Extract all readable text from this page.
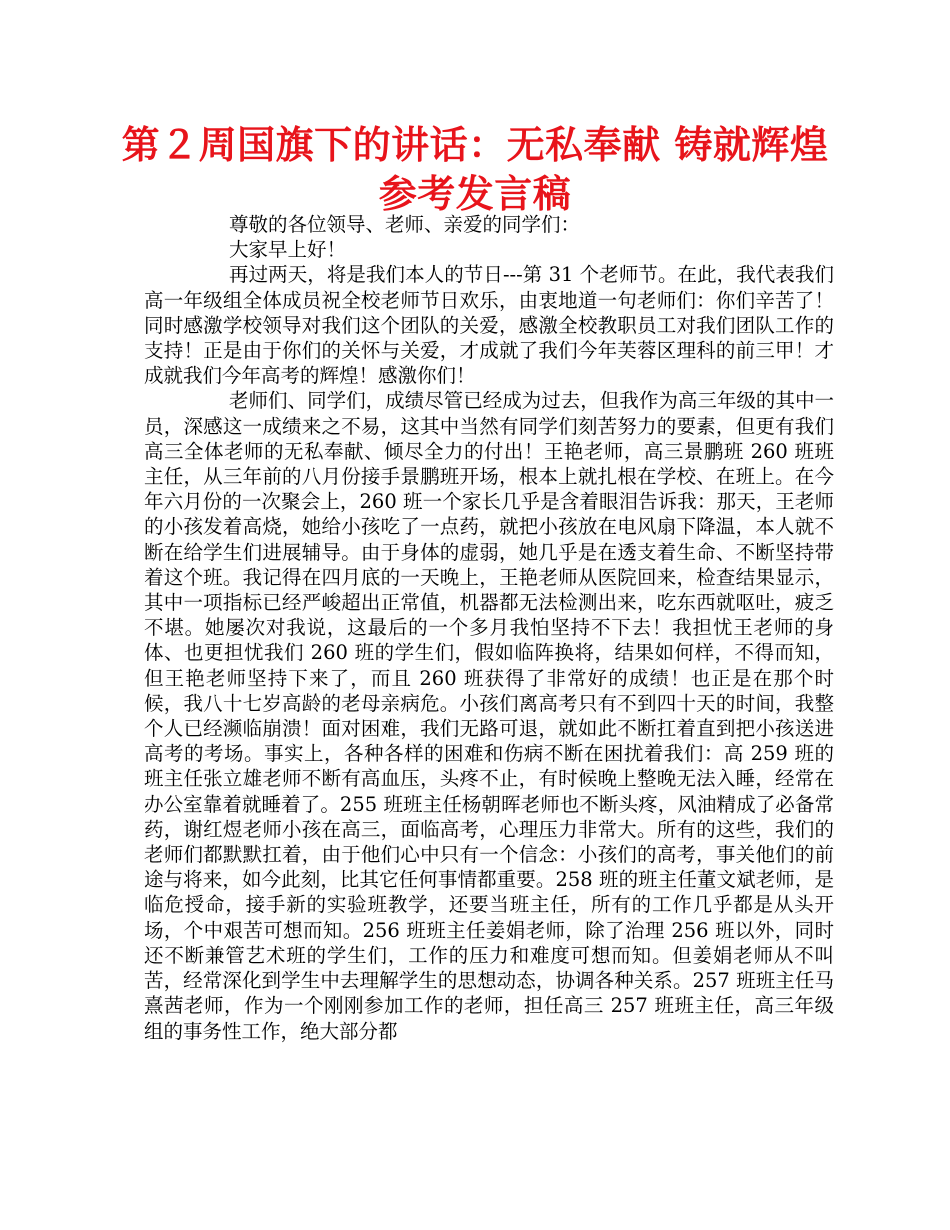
第２周国旗下的讲话：无私奉献 铸就辉煌
参考发言稿

尊敬的各位领导、老师、亲爱的同学们：

大家早上好！

再过两天，将是我们本人的节日---第 31 个老师节。在此，我代表我们高一年级组全体成员祝全校老师节日欢乐，由衷地道一句老师们：你们辛苦了！同时感激学校领导对我们这个团队的关爱，感激全校教职员工对我们团队工作的支持！正是由于你们的关怀与关爱，才成就了我们今年芙蓉区理科的前三甲！才成就我们今年高考的辉煌！感激你们！

老师们、同学们，成绩尽管已经成为过去，但我作为高三年级的其中一员，深感这一成绩来之不易，这其中当然有同学们刻苦努力的要素，但更有我们高三全体老师的无私奉献、倾尽全力的付出！王艳老师，高三景鹏班 260 班班主任，从三年前的八月份接手景鹏班开场，根本上就扎根在学校、在班上。在今年六月份的一次聚会上，260 班一个家长几乎是含着眼泪告诉我：那天，王老师的小孩发着高烧，她给小孩吃了一点药，就把小孩放在电风扇下降温，本人就不断在给学生们进展辅导。由于身体的虚弱，她几乎是在透支着生命、不断坚持带着这个班。我记得在四月底的一天晚上，王艳老师从医院回来，检查结果显示，其中一项指标已经严峻超出正常值，机器都无法检测出来，吃东西就呕吐，疲乏不堪。她屡次对我说，这最后的一个多月我怕坚持不下去！我担忧王老师的身体、也更担忧我们 260 班的学生们，假如临阵换将，结果如何样，不得而知，但王艳老师坚持下来了，而且 260 班获得了非常好的成绩！也正是在那个时候，我八十七岁高龄的老母亲病危。小孩们离高考只有不到四十天的时间，我整个人已经濒临崩溃！面对困难，我们无路可退，就如此不断扛着直到把小孩送进高考的考场。事实上，各种各样的困难和伤病不断在困扰着我们：高 259 班的班主任张立雄老师不断有高血压，头疼不止，有时候晚上整晚无法入睡，经常在办公室靠着就睡着了。255 班班主任杨朝晖老师也不断头疼，风油精成了必备常药，谢红煜老师小孩在高三，面临高考，心理压力非常大。所有的这些，我们的老师们都默默扛着，由于他们心中只有一个信念：小孩们的高考，事关他们的前途与将来，如今此刻，比其它任何事情都重要。258 班的班主任董文斌老师，是临危授命，接手新的实验班教学，还要当班主任，所有的工作几乎都是从头开场，个中艰苦可想而知。256 班班主任姜娟老师，除了治理 256 班以外，同时还不断兼管艺术班的学生们，工作的压力和难度可想而知。但姜娟老师从不叫苦，经常深化到学生中去理解学生的思想动态，协调各种关系。257 班班主任马熹茜老师，作为一个刚刚参加工作的老师，担任高三 257 班班主任，高三年级组的事务性工作，绝大部分都
